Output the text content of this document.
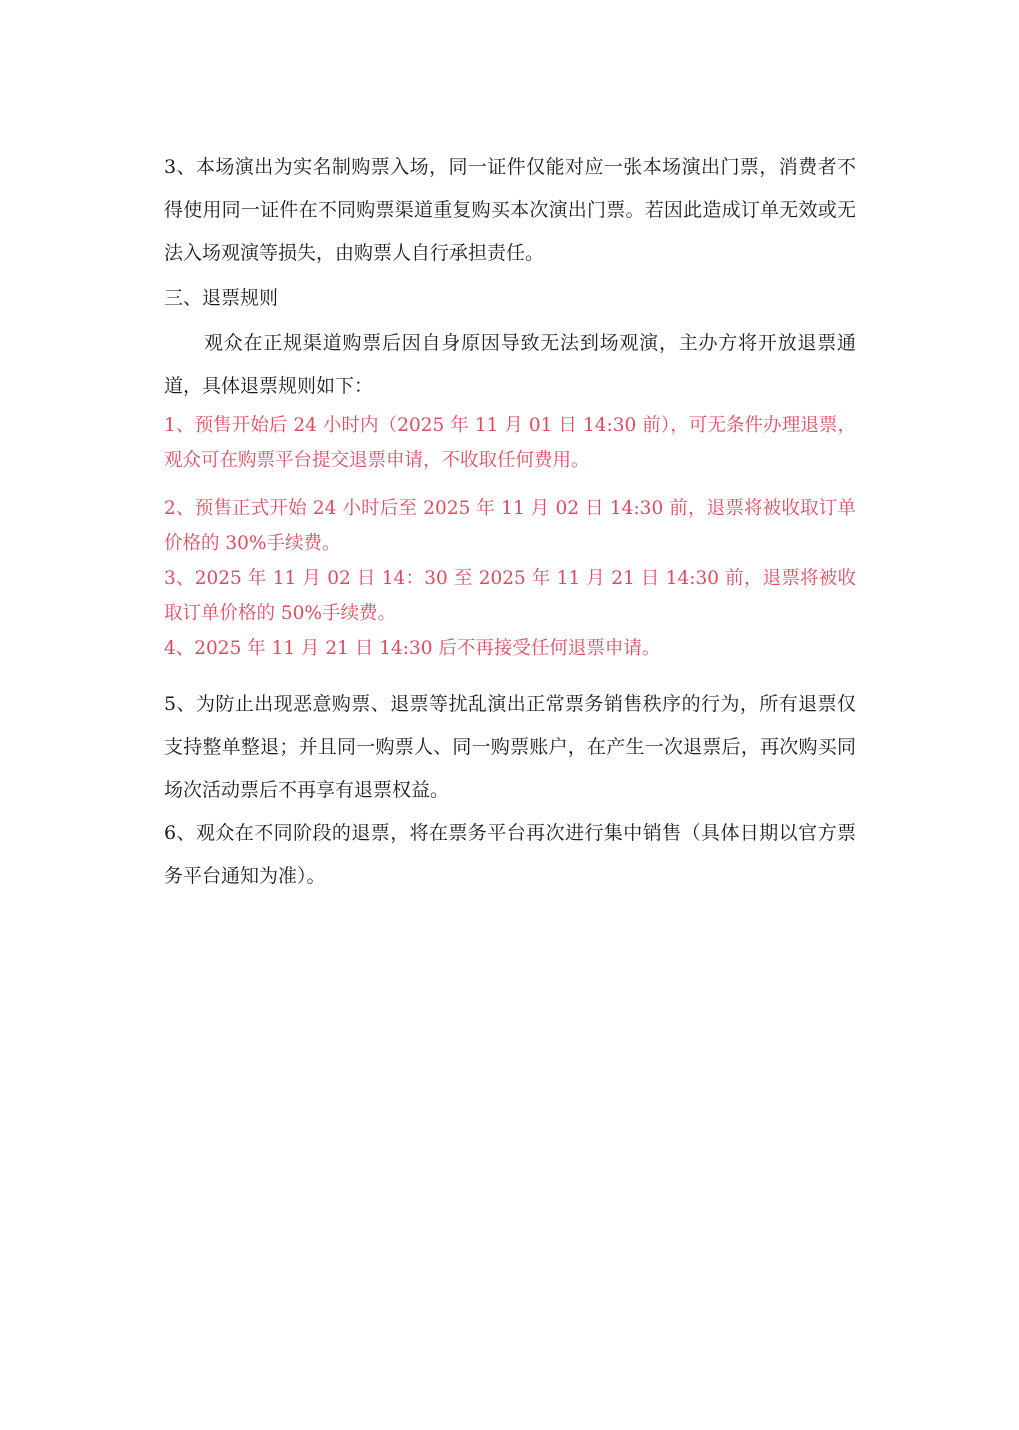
3、本场演出为实名制购票入场，同一证件仅能对应一张本场演出门票，消费者不得使用同一证件在不同购票渠道重复购买本次演出门票。若因此造成订单无效或无法入场观演等损失，由购票人自行承担责任。

三、退票规则

观众在正规渠道购票后因自身原因导致无法到场观演，主办方将开放退票通道，具体退票规则如下：

1、预售开始后 24 小时内（2025 年 11 月 01 日 14:30 前），可无条件办理退票，观众可在购票平台提交退票申请，不收取任何费用。

2、预售正式开始 24 小时后至 2025 年 11 月 02 日 14:30 前，退票将被收取订单价格的 30%手续费。

3、2025 年 11 月 02 日 14：30 至 2025 年 11 月 21 日 14:30 前，退票将被收取订单价格的 50%手续费。

4、2025 年 11 月 21 日 14:30 后不再接受任何退票申请。

5、为防止出现恶意购票、退票等扰乱演出正常票务销售秩序的行为，所有退票仅支持整单整退；并且同一购票人、同一购票账户，在产生一次退票后，再次购买同场次活动票后不再享有退票权益。

6、观众在不同阶段的退票，将在票务平台再次进行集中销售（具体日期以官方票务平台通知为准）。
